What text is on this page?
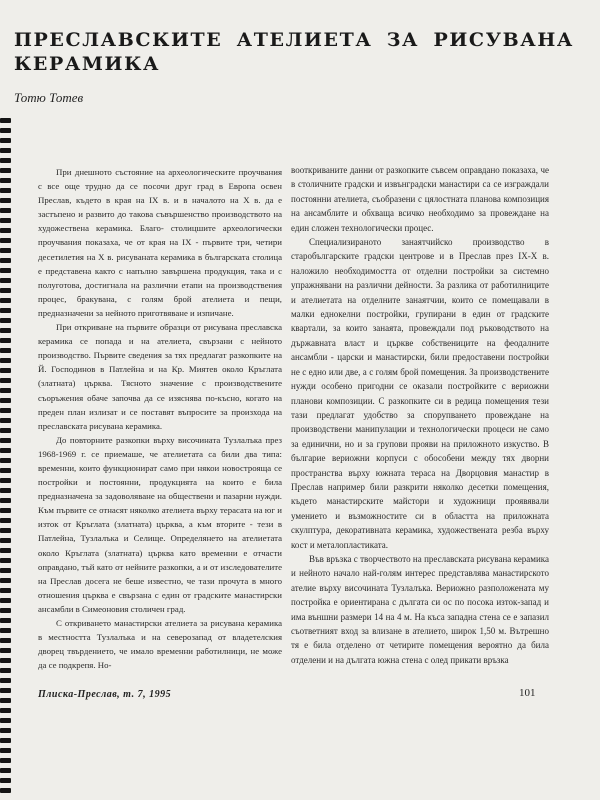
ПРЕСЛАВСКИТЕ АТЕЛИЕТА ЗА РИСУВАНА
КЕРАМИКА
Тотю Тотев

При днешното състояние на археологическите проучвания с все още трудно да се посочи друг град в Европа освен Преслав, където в края на IX в. и в началото на X в. да е застъпено и развито до такова съвършенство производството на художествена керамика. Благо- столицшите археологически проучвания показаха, че от края на IX - първите три, четири десетилетия на X в. рисуваната керамика в българската столица е представена както с напълно завършена продукция, така и с полуготова, достигнала на различни етапи на производствения процес, бракувана, с голям брой ателиета и пещи, предназначени за нейното приготвяване и изпичане.

При откриване на първите образци от рисувана преславска керамика се попада и на ателиета, свързани с нейното производство. Първите сведения за тях предлагат разкопките на Й. Господинов в Патлейна и на Кр. Миятев около Кръглата (златната) църква. Тясното значение с производствените съоръжения обаче започва да се изяснява по-късно, когато на преден план излизат и се поставят въпросите за произхода на преславската рисувана керамика.

До повторните разкопки върху височината Тузлалъка през 1968-1969 г. се приемаше, че ателиетата са били два типа: временни, които функционират само при някои новострояща се постройки и постоянни, продукцията на които е била предназначена за задоволяване на обществени и пазарни нужди. Към първите се отнасят няколко ателиета върху терасата на юг и изток от Кръглата (златната) църква, а към вторите - тези в Патлейна, Тузлалъка и Селище. Определянето на ателиетата около Кръглата (златната) църква като временни е отчасти оправдано, тъй като от нейните разкопки, а и от изследователите на Преслав досега не беше известно, че тази прочута в много отношения църква е свързана с един от градските манастирски ансамбли в Симеоновия столичен град.

С откриването манастирски ателиета за рисувана керамика в местността Тузлалъка и на северозапад от владетелския дворец твърдението, че имало временни работилници, не може да се подкрепя. Но-

вооткриваните данни от разкопките съвсем оправдано показаха, че в столичните градски и извънградски манастири са се изграждали постоянни ателиета, съобразени с цялостната планова композиция на ансамблите и обхваща всичко необходимо за провеждане на един сложен технологически процес.

Специализираното занаятчийско производство в старобългарските градски центрове и в Преслав през IX-X в. наложило необходимостта от отделни постройки за системно упражнявани на различни дейности. За разлика от работилниците и ателиетата на отделните занаятчии, които се помещавали в малки еднокелни постройки, групирани в един от градските квартали, за които занаята, провеждали под ръководството на държавната власт и църкве собствениците на феодалните ансамбли - царски и манастирски, били предоставени постройки не с едно или две, а с голям брой помещения. За производствените нужди особено пригодни се оказали постройките с вериожни планови композиции. С разкопките си в редица помещения тези тази предлагат удобство за спорупването провеждане на производствени манипулации и технологически процеси не само за единични, но и за групови прояви на приложното изкуство. В българие вериожни корпуси с обособени между тях дворни пространства върху южната тераса на Дворцовия манастир в Преслав например били разкрити няколко десетки помещения, където манастирските майстори и художници проявявали умението и възможностите си в областта на приложната скулптура, декоративната керамика, художествената резба върху кост и металопластиката.

Във връзка с творчеството на преславската рисувана керамика и нейното начало най-голям интерес представлява манастирското ателие върху височината Тузлалъка. Вериожно разположената му постройка е ориентирана с дългата си ос по посока изток-запад и има външни размери 14 на 4 м. На къса западна стена се е запазил съответният вход за влизане в ателието, широк 1,50 м. Вътрешно тя е била отделено от четирите помещения вероятно да била отделени и на дългата южна стена с олед прикати връзка

Плиска-Преслав, т. 7, 1995	101
